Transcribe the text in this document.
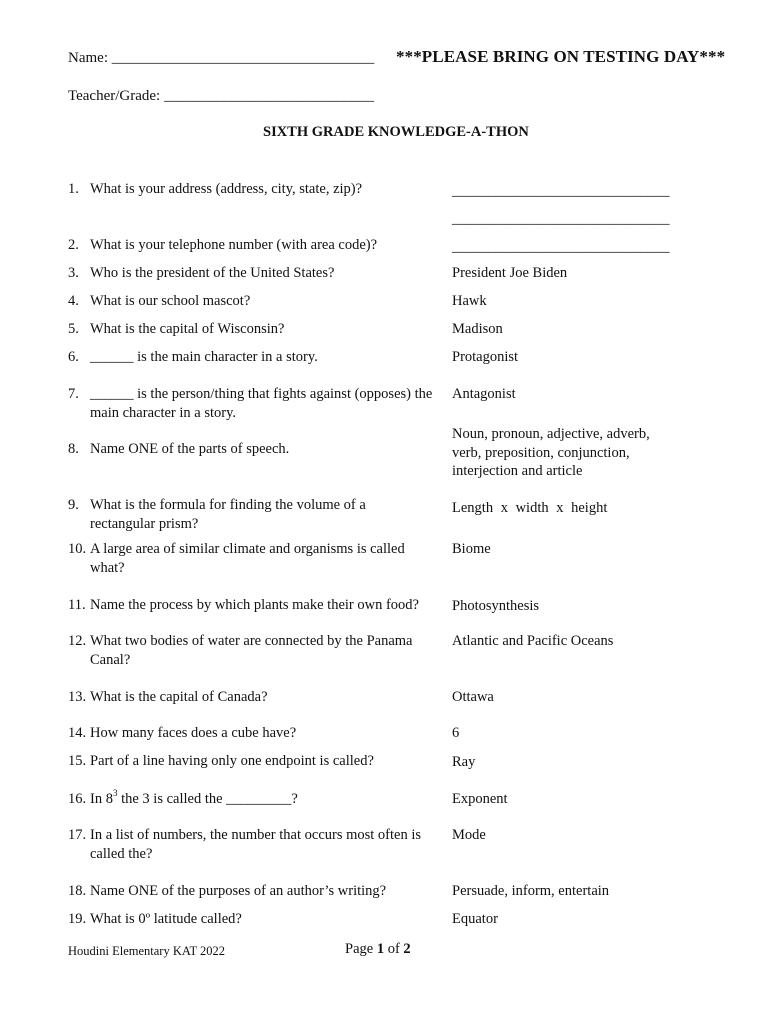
Name: ___________________________________ ***PLEASE BRING ON TESTING DAY***
Teacher/Grade: ____________________________
SIXTH GRADE KNOWLEDGE-A-THON
1. What is your address (address, city, state, zip)?	______________________________
______________________________
2. What is your telephone number (with area code)?	______________________________
3. Who is the president of the United States?	President Joe Biden
4. What is our school mascot?	Hawk
5. What is the capital of Wisconsin?	Madison
6. ______ is the main character in a story.	Protagonist
7. ______ is the person/thing that fights against (opposes) the main character in a story.
Antagonist
8. Name ONE of the parts of speech.
Noun, pronoun, adjective, adverb, verb, preposition, conjunction, interjection and article
9. What is the formula for finding the volume of a rectangular prism?
Length x width x height
10. A large area of similar climate and organisms is called what?
Biome
11. Name the process by which plants make their own food?	Photosynthesis
12. What two bodies of water are connected by the Panama Canal?
Atlantic and Pacific Oceans
13. What is the capital of Canada?	Ottawa
14. How many faces does a cube have?	6
15. Part of a line having only one endpoint is called?	Ray
16. In $8^3$ the 3 is called the _________?	Exponent
17. In a list of numbers, the number that occurs most often is called the?
Mode
18. Name ONE of the purposes of an author’s writing?	Persuade, inform, entertain
19. What is 0º latitude called?	Equator
Houdini Elementary KAT 2022	Page 1 of 2
